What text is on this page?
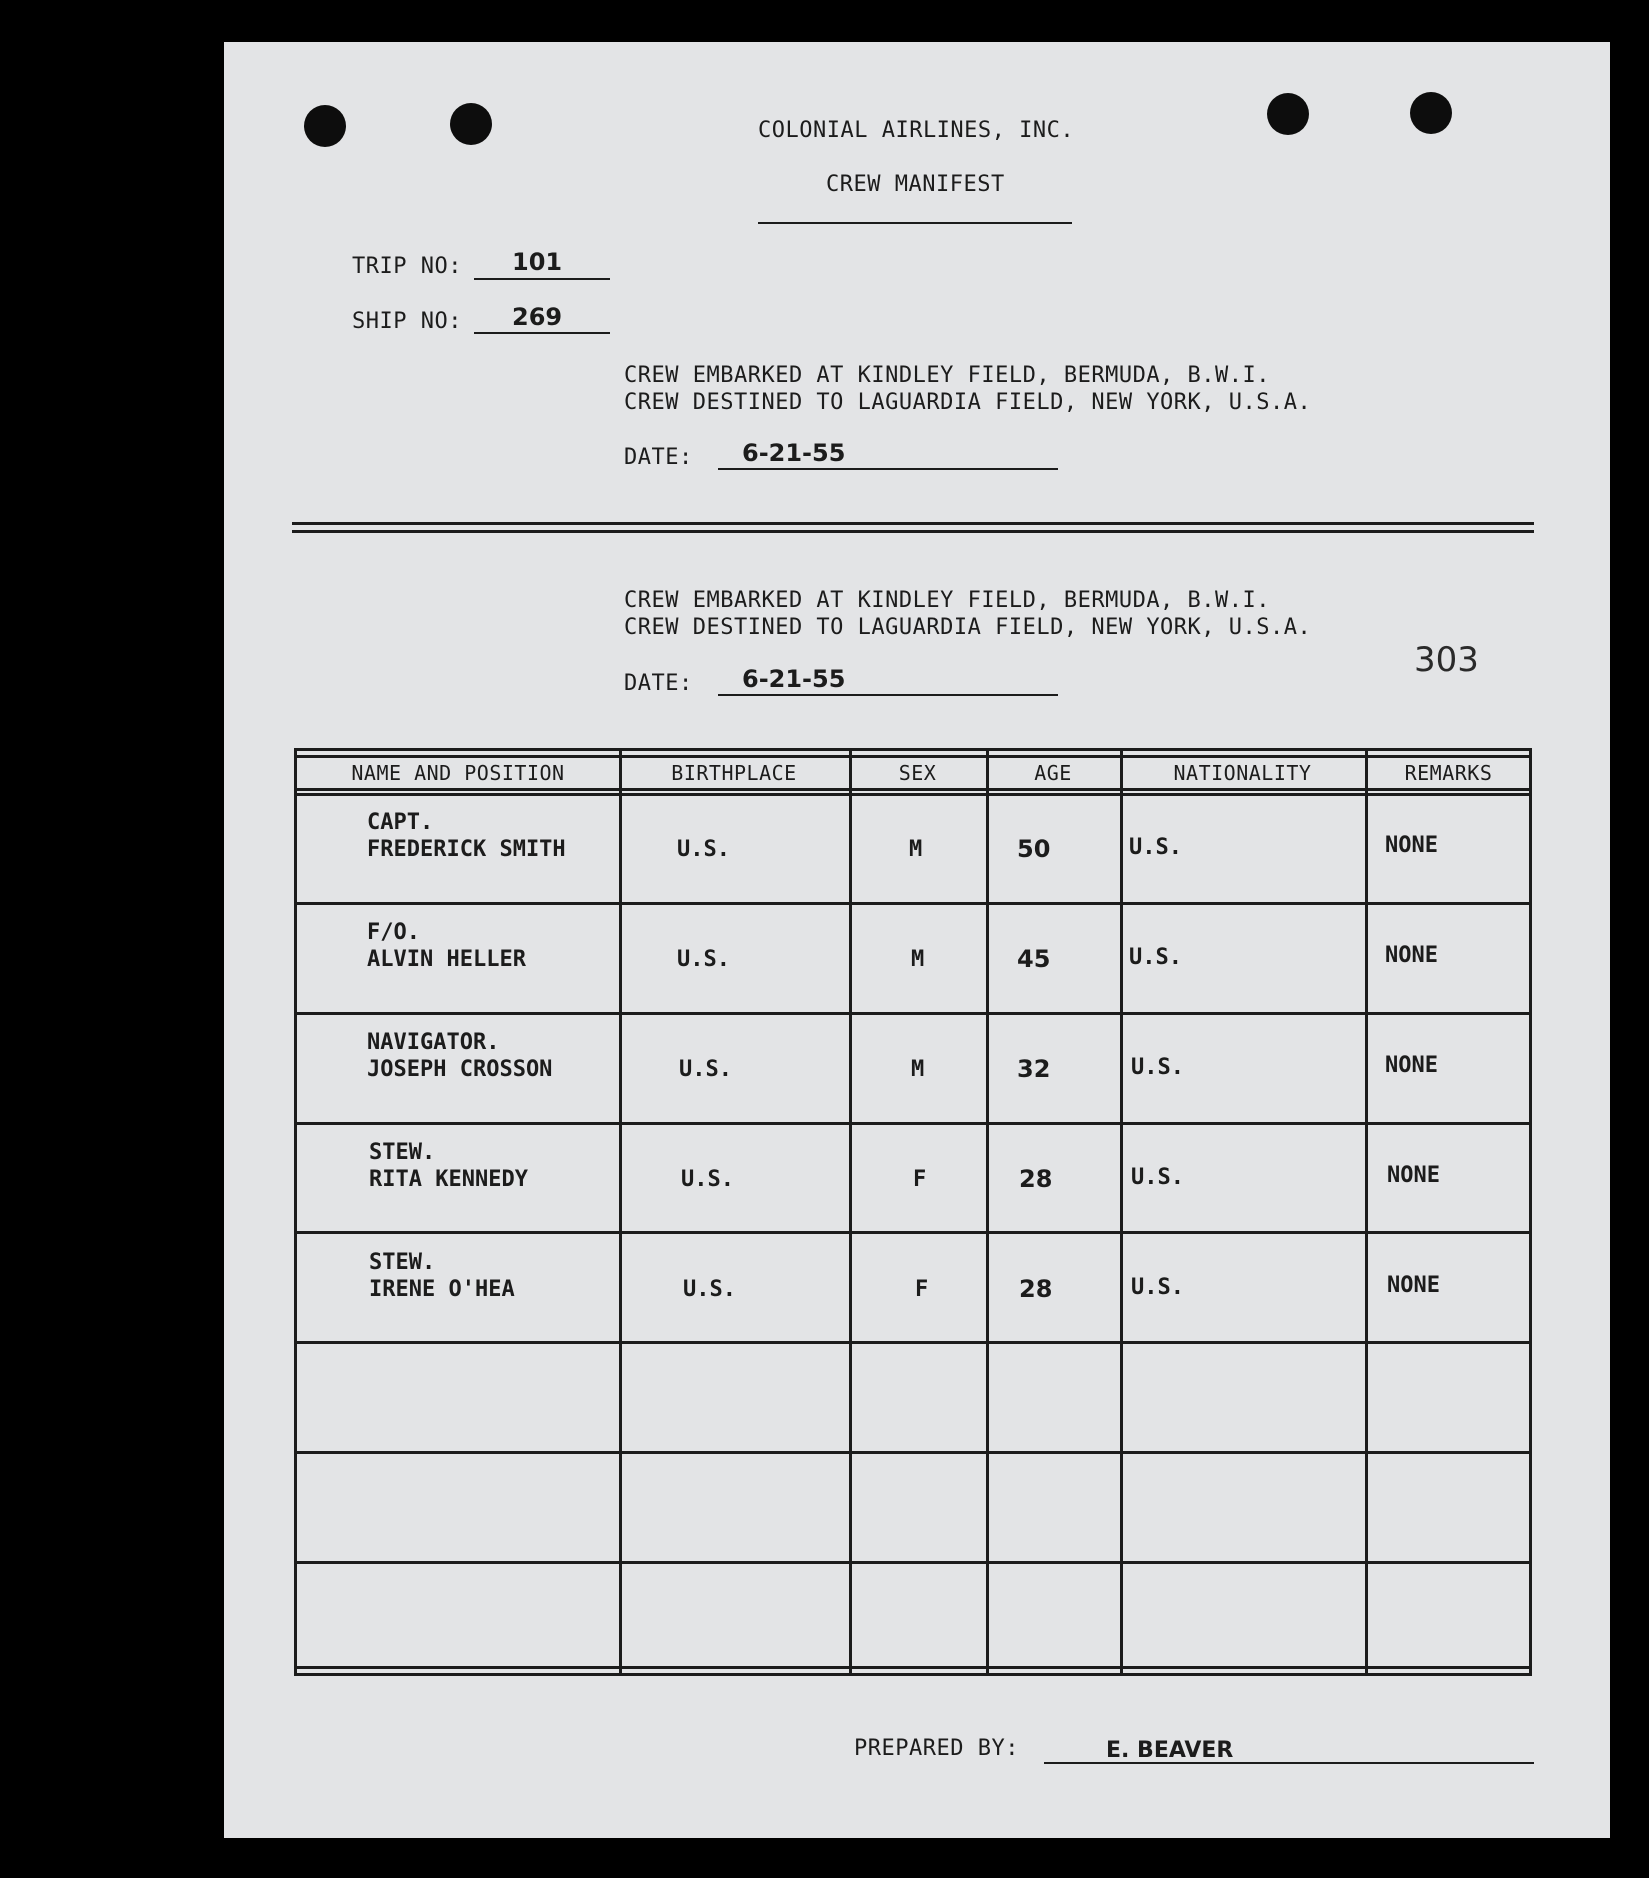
COLONIAL AIRLINES, INC.
CREW MANIFEST
TRIP NO: 101
SHIP NO: 269
CREW EMBARKED AT KINDLEY FIELD, BERMUDA, B.W.I.
CREW DESTINED TO LAGUARDIA FIELD, NEW YORK, U.S.A.
DATE: 6-21-55
CREW EMBARKED AT KINDLEY FIELD, BERMUDA, B.W.I.
CREW DESTINED TO LAGUARDIA FIELD, NEW YORK, U.S.A.
303
DATE: 6-21-55
NAME AND POSITION	BIRTHPLACE	SEX	AGE	NATIONALITY	REMARKS
CAPT.
FREDERICK SMITH	U.S.	M	50	U.S.	NONE
F/O.
ALVIN HELLER	U.S.	M	45	U.S.	NONE
NAVIGATOR.
JOSEPH CROSSON	U.S.	M	32	U.S.	NONE
STEW.
RITA KENNEDY	U.S.	F	28	U.S.	NONE
STEW.
IRENE O'HEA	U.S.	F	28	U.S.	NONE
PREPARED BY:	E. BEAVER
